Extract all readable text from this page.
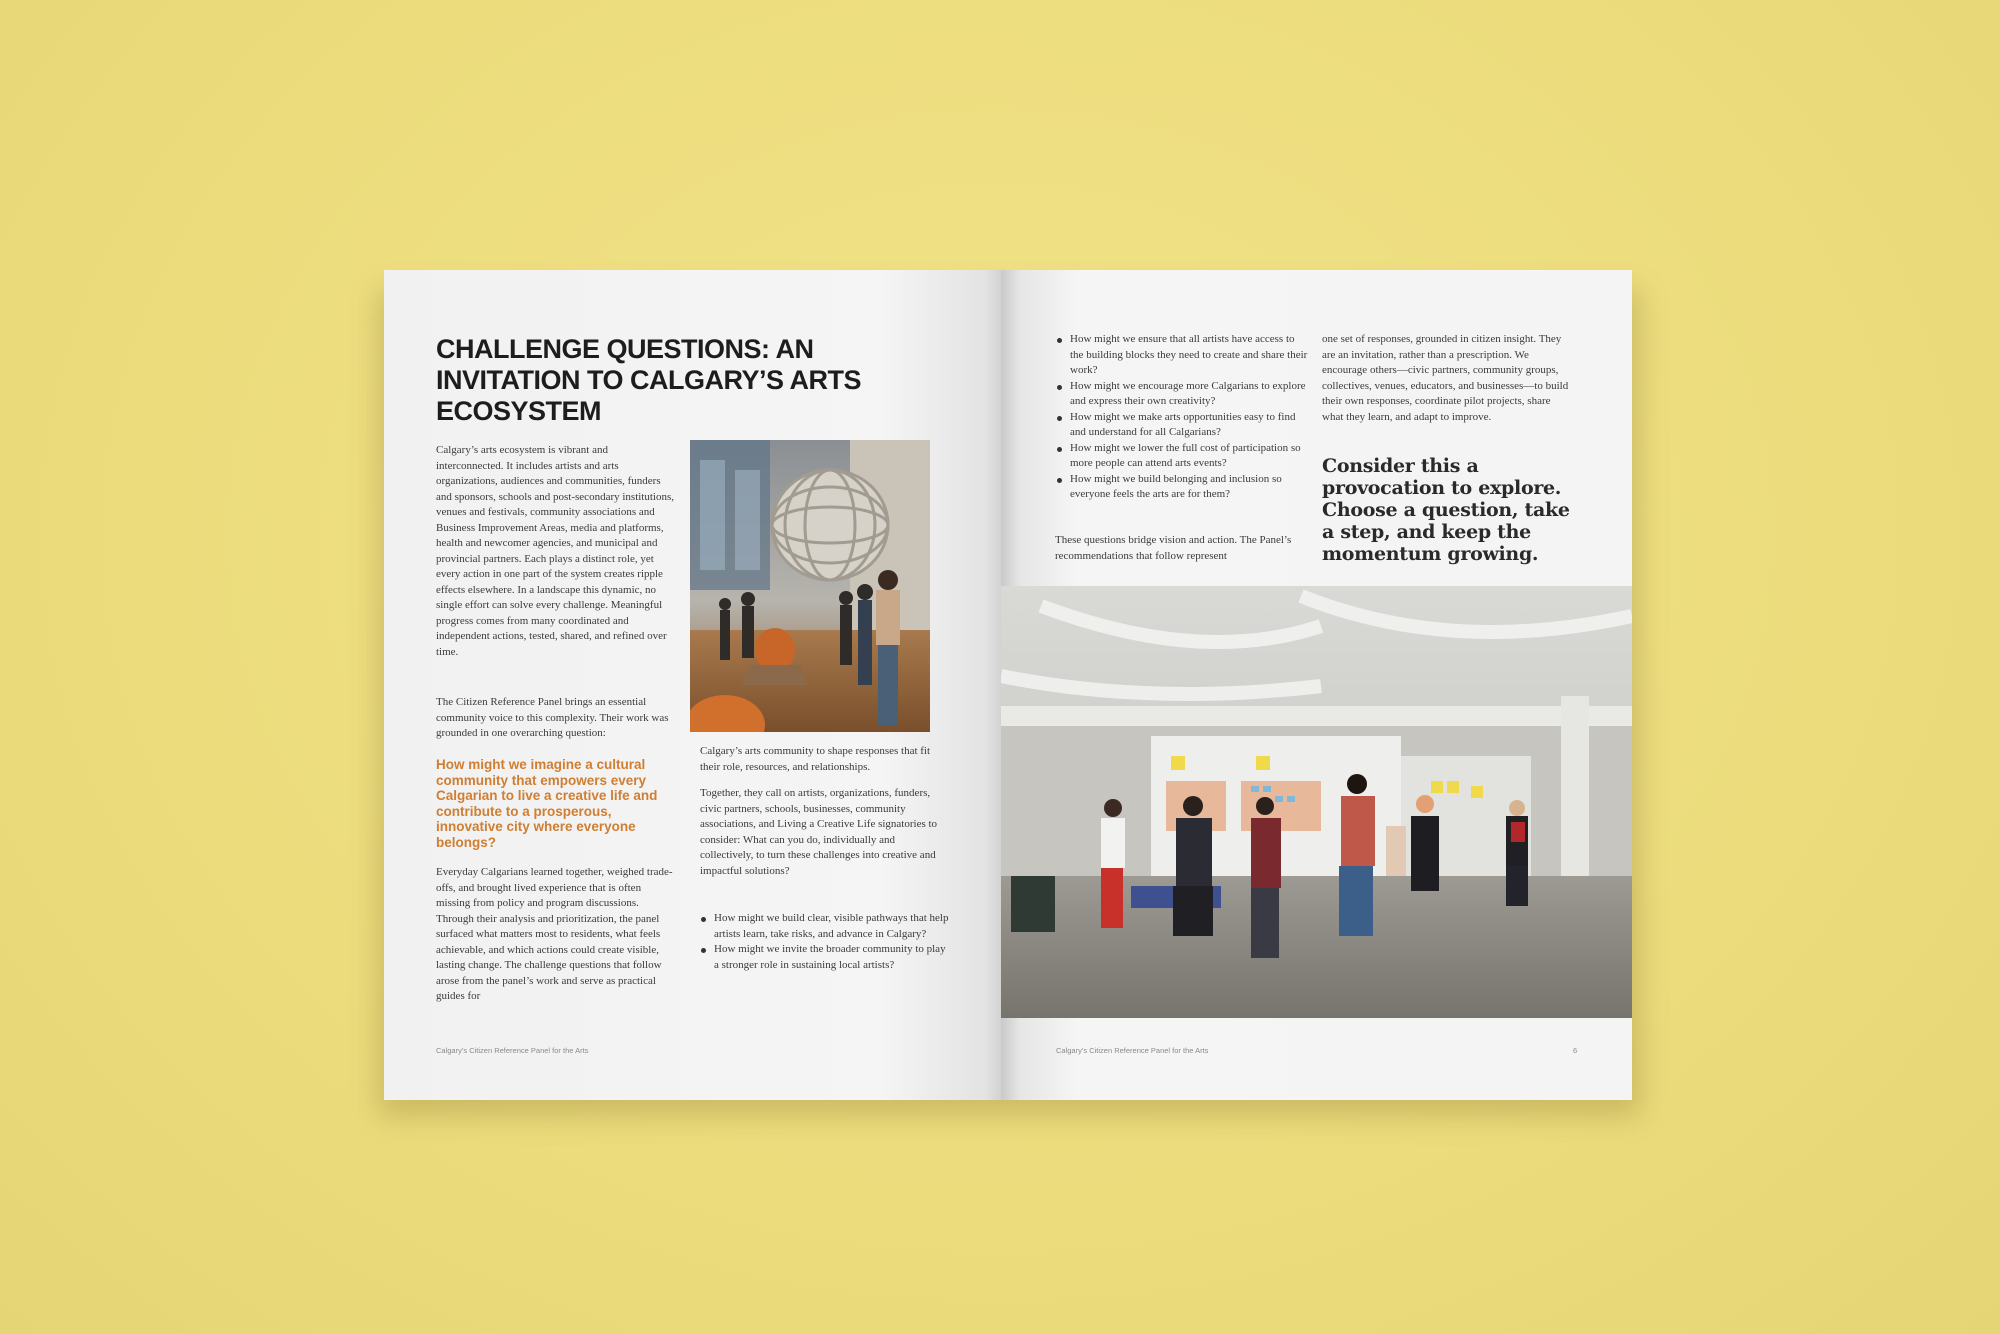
CHALLENGE QUESTIONS: AN INVITATION TO CALGARY’S ARTS ECOSYSTEM

Calgary’s arts ecosystem is vibrant and interconnected. It includes artists and arts organizations, audiences and communities, funders and sponsors, schools and post-secondary institutions, venues and festivals, community associations and Business Improvement Areas, media and platforms, health and newcomer agencies, and municipal and provincial partners. Each plays a distinct role, yet every action in one part of the system creates ripple effects elsewhere. In a landscape this dynamic, no single effort can solve every challenge. Meaningful progress comes from many coordinated and independent actions, tested, shared, and refined over time.

The Citizen Reference Panel brings an essential community voice to this complexity. Their work was grounded in one overarching question:

How might we imagine a cultural community that empowers every Calgarian to live a creative life and contribute to a prosperous, innovative city where everyone belongs?

Everyday Calgarians learned together, weighed trade-offs, and brought lived experience that is often missing from policy and program discussions. Through their analysis and prioritization, the panel surfaced what matters most to residents, what feels achievable, and which actions could create visible, lasting change. The challenge questions that follow arose from the panel’s work and serve as practical guides for

Calgary’s arts community to shape responses that fit their role, resources, and relationships.

Together, they call on artists, organizations, funders, civic partners, schools, businesses, community associations, and Living a Creative Life signatories to consider: What can you do, individually and collectively, to turn these challenges into creative and impactful solutions?

How might we build clear, visible pathways that help artists learn, take risks, and advance in Calgary?
How might we invite the broader community to play a stronger role in sustaining local artists?
Calgary’s Citizen Reference Panel for the Arts
How might we ensure that all artists have access to the building blocks they need to create and share their work?
How might we encourage more Calgarians to explore and express their own creativity?
How might we make arts opportunities easy to find and understand for all Calgarians?
How might we lower the full cost of participation so more people can attend arts events?
How might we build belonging and inclusion so everyone feels the arts are for them?

These questions bridge vision and action. The Panel’s recommendations that follow represent

one set of responses, grounded in citizen insight. They are an invitation, rather than a prescription. We encourage others—civic partners, community groups, collectives, venues, educators, and businesses—to build their own responses, coordinate pilot projects, share what they learn, and adapt to improve.

Consider this a provocation to explore. Choose a question, take a step, and keep the momentum growing.

Calgary’s Citizen Reference Panel for the Arts	6
